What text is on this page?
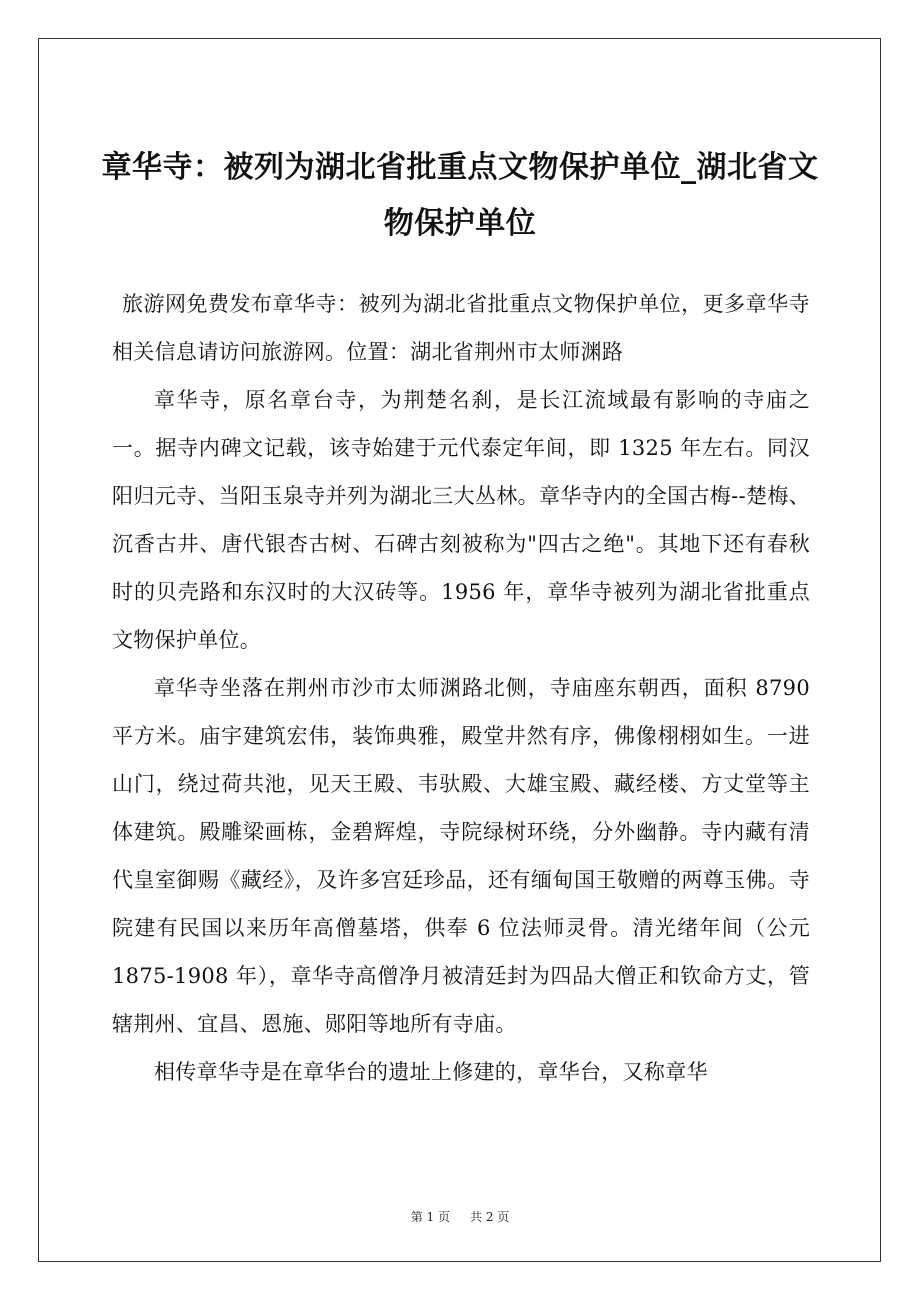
章华寺：被列为湖北省批重点文物保护单位_湖北省文物保护单位

旅游网免费发布章华寺：被列为湖北省批重点文物保护单位，更多章华寺相关信息请访问旅游网。位置：湖北省荆州市太师渊路

章华寺，原名章台寺，为荆楚名刹，是长江流域最有影响的寺庙之一。据寺内碑文记载，该寺始建于元代泰定年间，即 1325 年左右。同汉阳归元寺、当阳玉泉寺并列为湖北三大丛林。章华寺内的全国古梅--楚梅、沉香古井、唐代银杏古树、石碑古刻被称为"四古之绝"。其地下还有春秋时的贝壳路和东汉时的大汉砖等。1956 年，章华寺被列为湖北省批重点文物保护单位。

章华寺坐落在荆州市沙市太师渊路北侧，寺庙座东朝西，面积 8790 平方米。庙宇建筑宏伟，装饰典雅，殿堂井然有序，佛像栩栩如生。一进山门，绕过荷共池，见天王殿、韦驮殿、大雄宝殿、藏经楼、方丈堂等主体建筑。殿雕梁画栋，金碧辉煌，寺院绿树环绕，分外幽静。寺内藏有清代皇室御赐《藏经》，及许多宫廷珍品，还有缅甸国王敬赠的两尊玉佛。寺院建有民国以来历年高僧墓塔，供奉 6 位法师灵骨。清光绪年间（公元 1875-1908 年），章华寺高僧净月被清廷封为四品大僧正和钦命方丈，管辖荆州、宜昌、恩施、郧阳等地所有寺庙。

相传章华寺是在章华台的遗址上修建的，章华台，又称章华

第 1 页 共 2 页
